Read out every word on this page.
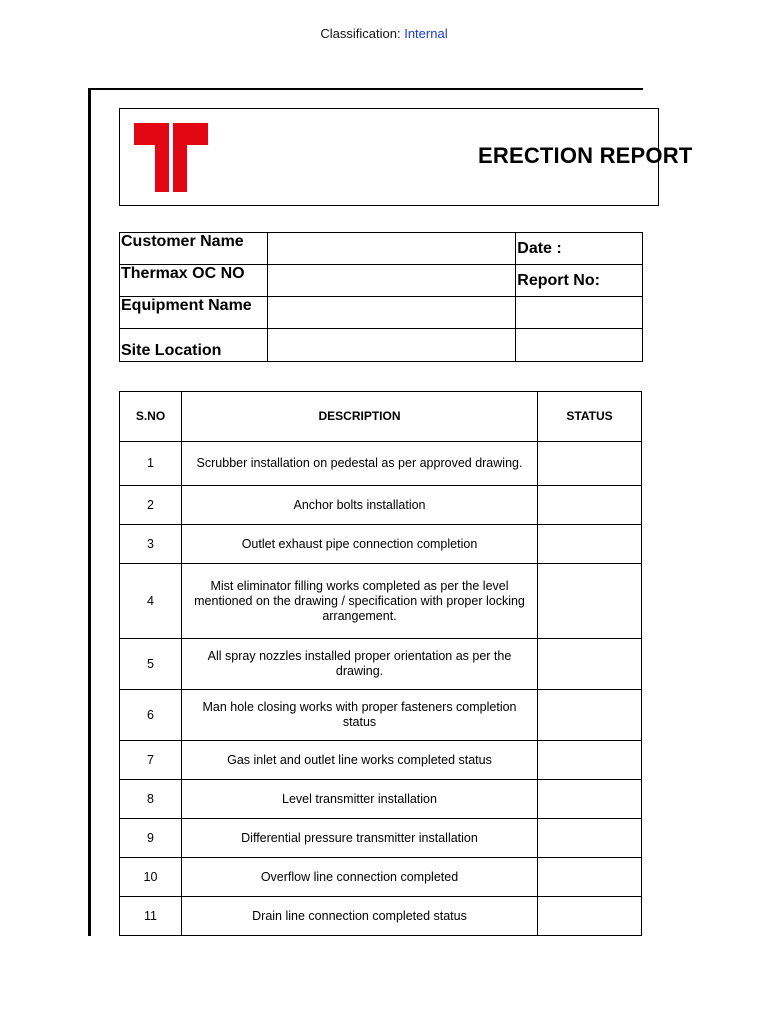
Classification: Internal
ERECTION REPORT
Customer Name		Date :
Thermax OC NO		Report No:
Equipment Name		
Site Location		
S.NO	DESCRIPTION	STATUS
1	Scrubber installation on pedestal as per approved drawing.	
2	Anchor bolts installation	
3	Outlet exhaust pipe connection completion	
4	Mist eliminator filling works completed as per the level mentioned on the drawing / specification with proper locking arrangement.	
5	All spray nozzles installed proper orientation as per the drawing.	
6	Man hole closing works with proper fasteners completion status	
7	Gas inlet and outlet line works completed status	
8	Level transmitter installation	
9	Differential pressure transmitter installation	
10	Overflow line connection completed	
11	Drain line connection completed status	
